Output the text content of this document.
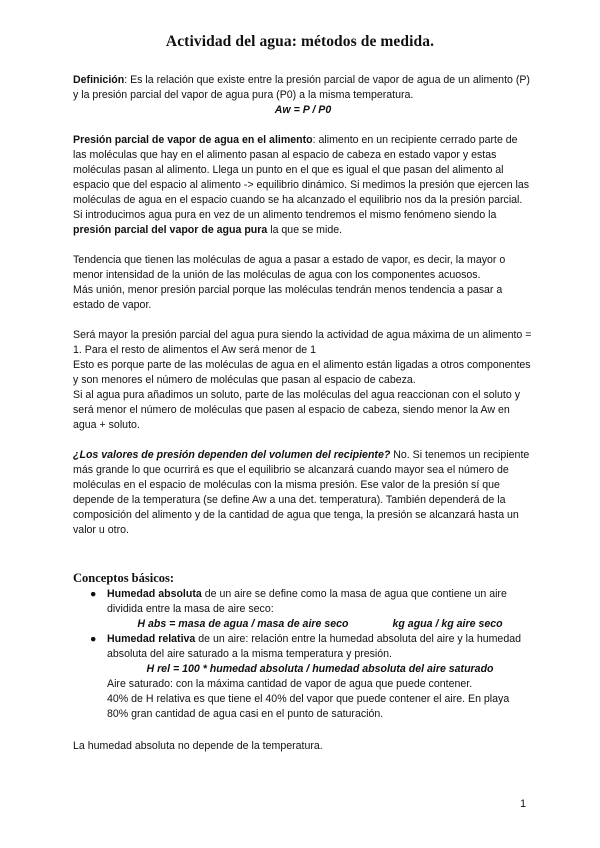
Actividad del agua: métodos de medida.

Definición: Es la relación que existe entre la presión parcial de vapor de agua de un alimento (P) y la presión parcial del vapor de agua pura (P0) a la misma temperatura.

Aw = P / P0

Presión parcial de vapor de agua en el alimento: alimento en un recipiente cerrado parte de las moléculas que hay en el alimento pasan al espacio de cabeza en estado vapor y estas moléculas pasan al alimento. Llega un punto en el que es igual el que pasan del alimento al espacio que del espacio al alimento -> equilibrio dinámico. Si medimos la presión que ejercen las moléculas de agua en el espacio cuando se ha alcanzado el equilibrio nos da la presión parcial.

Si introducimos agua pura en vez de un alimento tendremos el mismo fenómeno siendo la presión parcial del vapor de agua pura la que se mide.

Tendencia que tienen las moléculas de agua a pasar a estado de vapor, es decir, la mayor o menor intensidad de la unión de las moléculas de agua con los componentes acuosos.

Más unión, menor presión parcial porque las moléculas tendrán menos tendencia a pasar a estado de vapor.

Será mayor la presión parcial del agua pura siendo la actividad de agua máxima de un alimento = 1. Para el resto de alimentos el Aw será menor de 1

Esto es porque parte de las moléculas de agua en el alimento están ligadas a otros componentes y son menores el número de moléculas que pasan al espacio de cabeza.

Si al agua pura añadimos un soluto, parte de las moléculas del agua reaccionan con el soluto y será menor el número de moléculas que pasen al espacio de cabeza, siendo menor la Aw en agua + soluto.

¿Los valores de presión dependen del volumen del recipiente? No. Si tenemos un recipiente más grande lo que ocurrirá es que el equilibrio se alcanzará cuando mayor sea el número de moléculas en el espacio de moléculas con la misma presión. Ese valor de la presión sí que depende de la temperatura (se define Aw a una det. temperatura). También dependerá de la composición del alimento y de la cantidad de agua que tenga, la presión se alcanzará hasta un valor u otro.

Conceptos básicos:
● Humedad absoluta de un aire se define como la masa de agua que contiene un aire dividida entre la masa de aire seco:
H abs = masa de agua / masa de aire seco	kg agua / kg aire seco
● Humedad relativa de un aire: relación entre la humedad absoluta del aire y la humedad absoluta del aire saturado a la misma temperatura y presión.
H rel = 100 * humedad absoluta / humedad absoluta del aire saturado
Aire saturado: con la máxima cantidad de vapor de agua que puede contener.
40% de H relativa es que tiene el 40% del vapor que puede contener el aire. En playa 80% gran cantidad de agua casi en el punto de saturación.
La humedad absoluta no depende de la temperatura.
1
